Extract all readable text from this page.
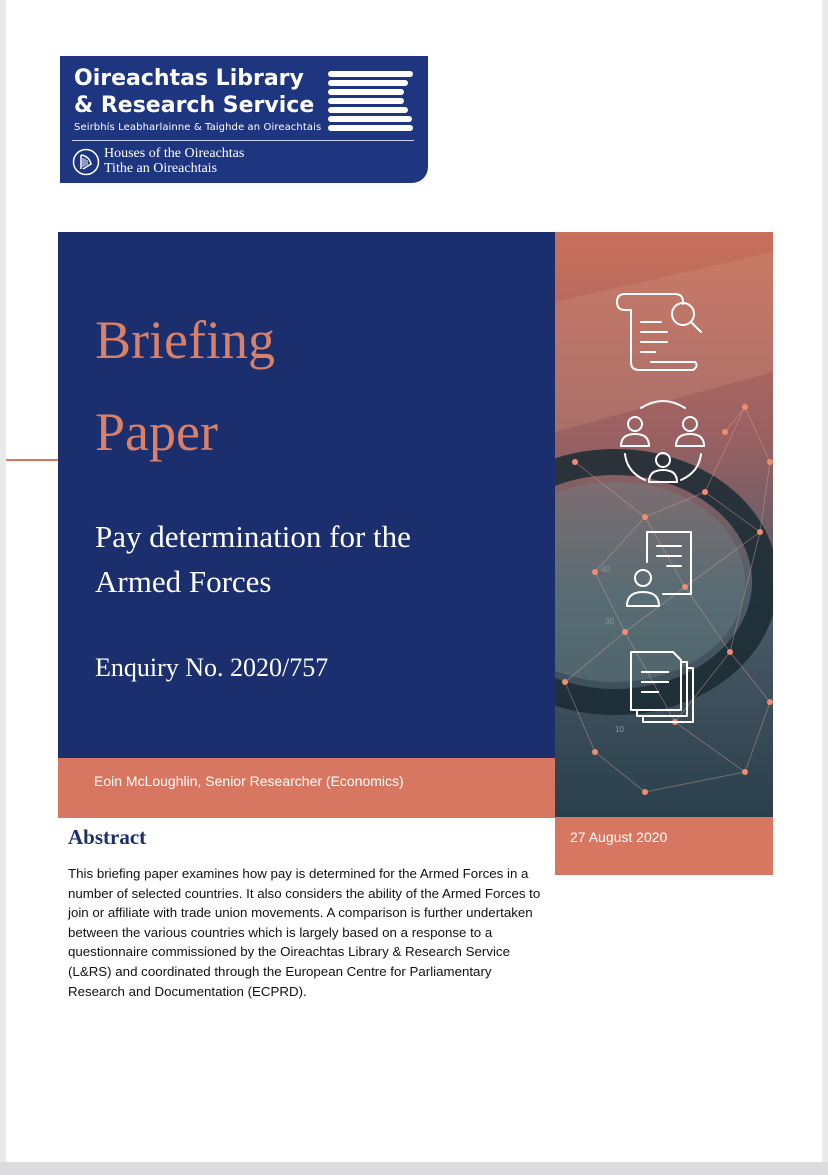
Oireachtas Library
& Research Service
Seirbhís Leabharlainne & Taighde an Oireachtais
Houses of the Oireachtas
Tithe an Oireachtais
Briefing
Paper
Pay determination for the
Armed Forces
Enquiry No. 2020/757
Eoin McLoughlin, Senior Researcher (Economics)
40
30
10
27 August 2020
Abstract
This briefing paper examines how pay is determined for the Armed Forces in a number of selected countries. It also considers the ability of the Armed Forces to join or affiliate with trade union movements. A comparison is further undertaken between the various countries which is largely based on a response to a questionnaire commissioned by the Oireachtas Library & Research Service (L&RS) and coordinated through the European Centre for Parliamentary Research and Documentation (ECPRD).
